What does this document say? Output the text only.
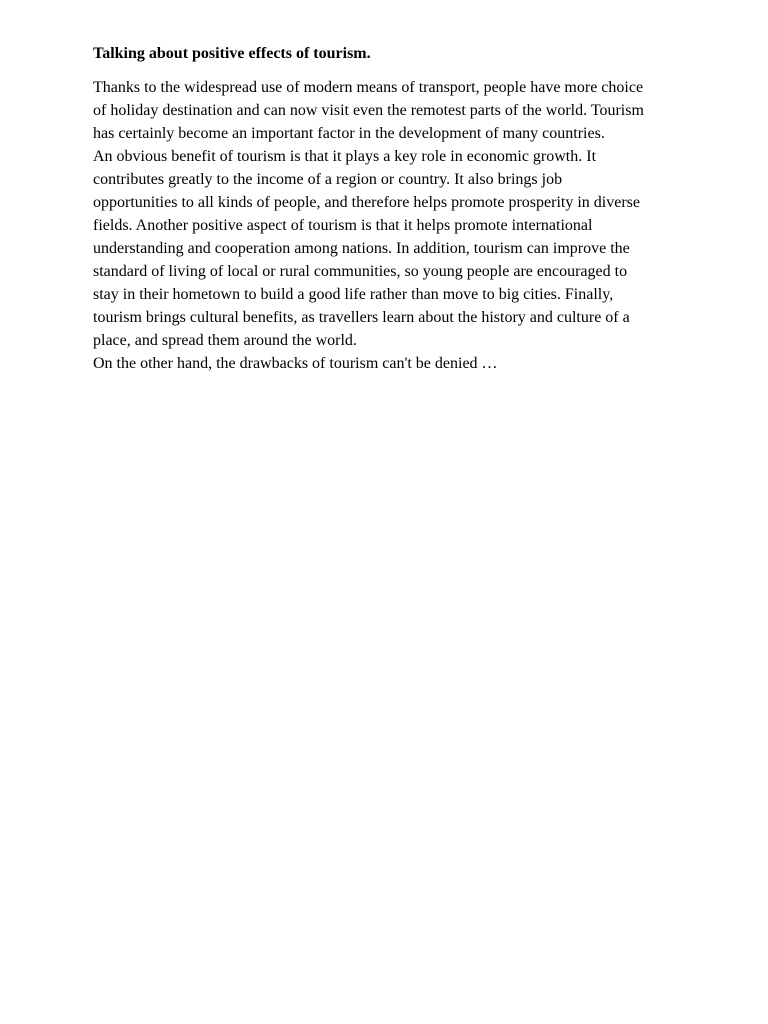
Talking about positive effects of tourism.

Thanks to the widespread use of modern means of transport, people have more choice
of holiday destination and can now visit even the remotest parts of the world. Tourism
has certainly become an important factor in the development of many countries.

An obvious benefit of tourism is that it plays a key role in economic growth. It
contributes greatly to the income of a region or country. It also brings job
opportunities to all kinds of people, and therefore helps promote prosperity in diverse
fields. Another positive aspect of tourism is that it helps promote international
understanding and cooperation among nations. In addition, tourism can improve the
standard of living of local or rural communities, so young people are encouraged to
stay in their hometown to build a good life rather than move to big cities. Finally,
tourism brings cultural benefits, as travellers learn about the history and culture of a
place, and spread them around the world.

On the other hand, the drawbacks of tourism can't be denied …
